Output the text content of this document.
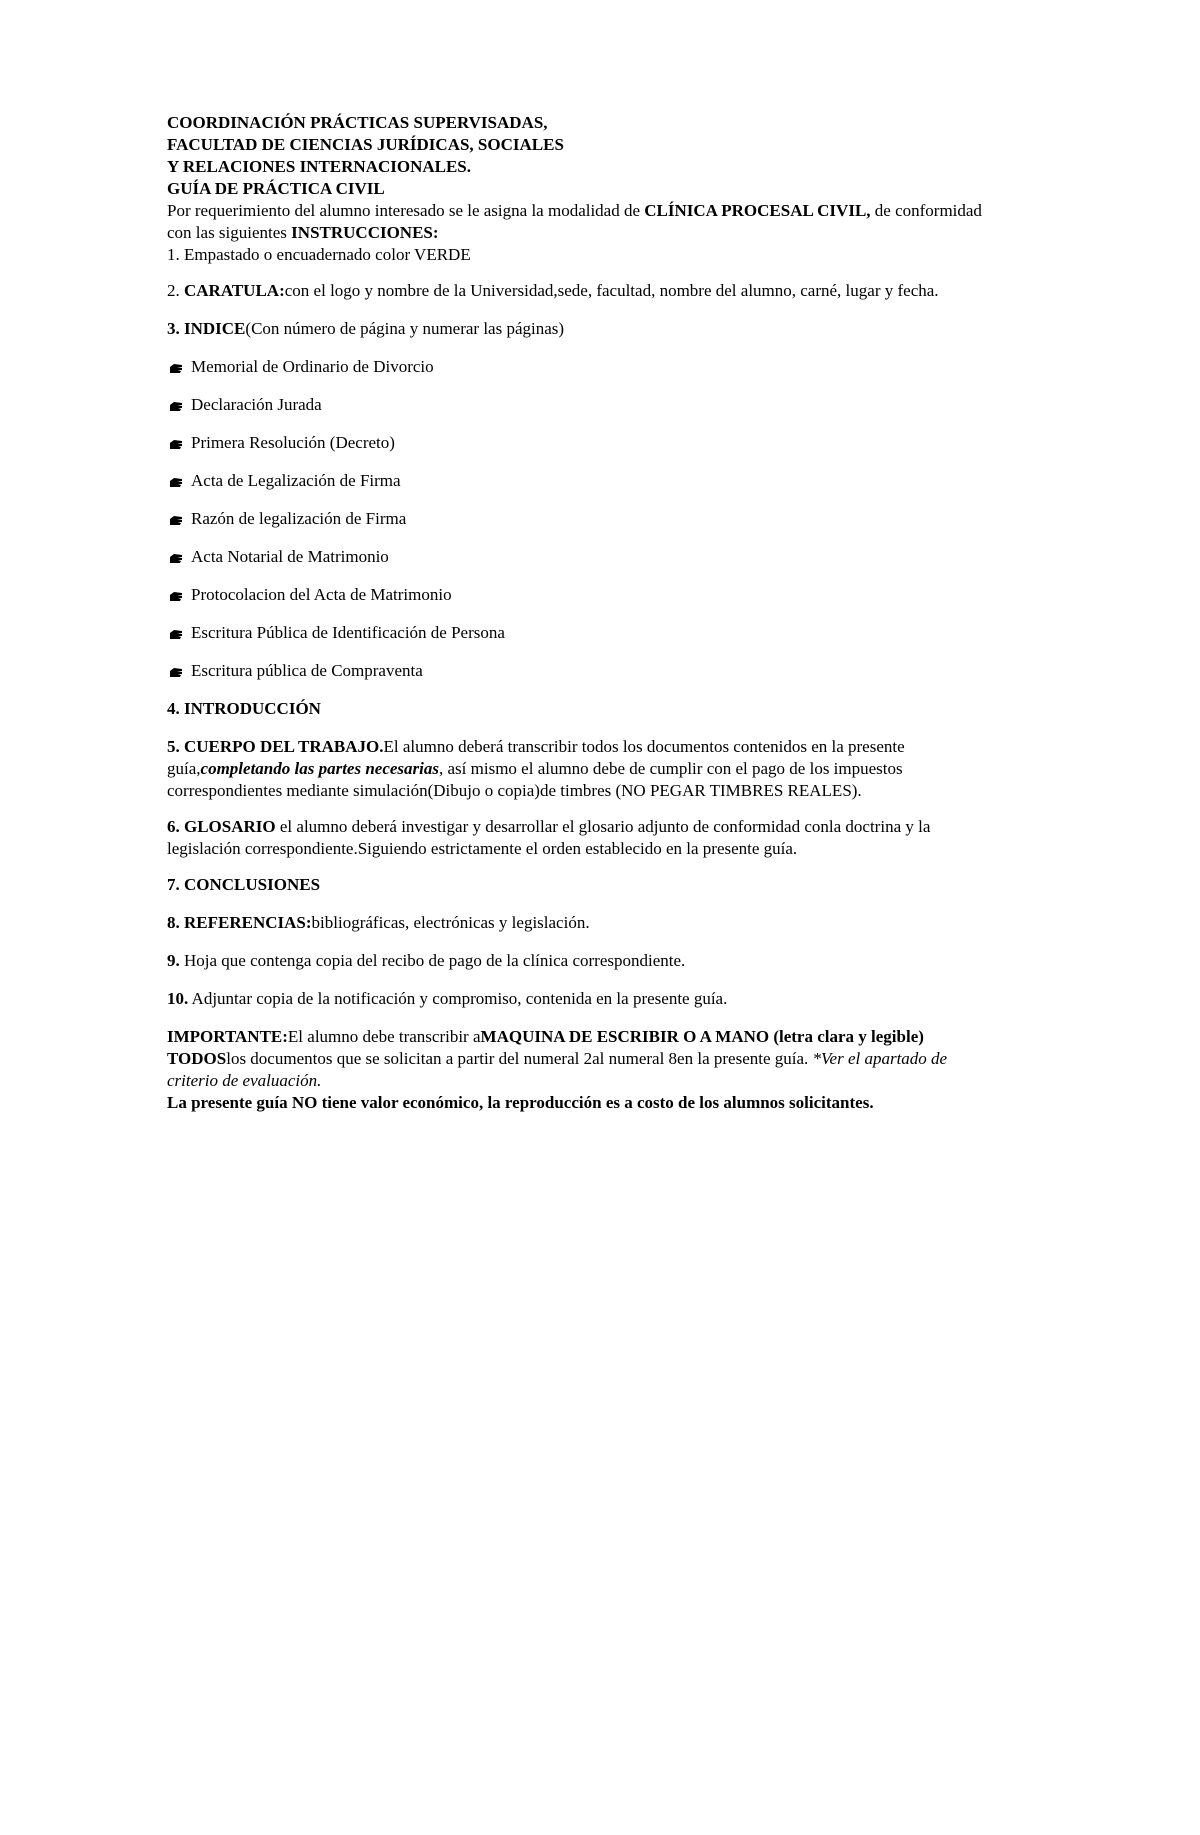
COORDINACIÓN PRÁCTICAS SUPERVISADAS,
FACULTAD DE CIENCIAS JURÍDICAS, SOCIALES
Y RELACIONES INTERNACIONALES.
GUÍA DE PRÁCTICA CIVIL
Por requerimiento del alumno interesado se le asigna la modalidad de CLÍNICA PROCESAL CIVIL, de conformidad
con las siguientes INSTRUCCIONES:
1. Empastado o encuadernado color VERDE
2. CARATULA:con el logo y nombre de la Universidad,sede, facultad, nombre del alumno, carné, lugar y fecha.
3. INDICE(Con número de página y numerar las páginas)
Memorial de Ordinario de Divorcio
Declaración Jurada
Primera Resolución (Decreto)
Acta de Legalización de Firma
Razón de legalización de Firma
Acta Notarial de Matrimonio
Protocolacion del Acta de Matrimonio
Escritura Pública de Identificación de Persona
Escritura pública de Compraventa
4. INTRODUCCIÓN
5. CUERPO DEL TRABAJO.El alumno deberá transcribir todos los documentos contenidos en la presente
guía,completando las partes necesarias, así mismo el alumno debe de cumplir con el pago de los impuestos
correspondientes mediante simulación(Dibujo o copia)de timbres (NO PEGAR TIMBRES REALES).
6. GLOSARIO el alumno deberá investigar y desarrollar el glosario adjunto de conformidad conla doctrina y la
legislación correspondiente.Siguiendo estrictamente el orden establecido en la presente guía.
7. CONCLUSIONES
8. REFERENCIAS:bibliográficas, electrónicas y legislación.
9. Hoja que contenga copia del recibo de pago de la clínica correspondiente.
10. Adjuntar copia de la notificación y compromiso, contenida en la presente guía.
IMPORTANTE:El alumno debe transcribir aMAQUINA DE ESCRIBIR O A MANO (letra clara y legible)
TODOSlos documentos que se solicitan a partir del numeral 2al numeral 8en la presente guía. *Ver el apartado de
criterio de evaluación.
La presente guía NO tiene valor económico, la reproducción es a costo de los alumnos solicitantes.
